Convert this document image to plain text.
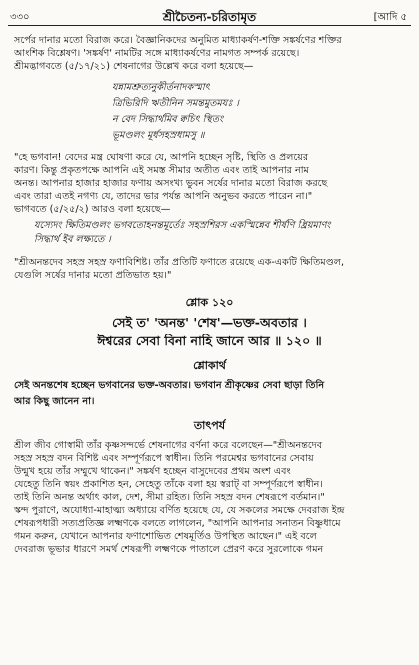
৩৩০	শ্রীচৈতন্য-চরিতামৃত	[আদি ৫
সর্পের দানার মতো বিরাজ করে। বৈজ্ঞানিকদের অনুমিত মাধ্যাকর্ষণ-শক্তি সঙ্কর্ষণের শক্তির
আংশিক বিশ্লেষণ। 'সঙ্কর্ষণ' নামটির সঙ্গে মাধ্যাকর্ষণের নামগত সম্পর্ক রয়েছে।
শ্রীমদ্ভাগবতে (৫/১৭/২১) শেষনাগের উল্লেখ করে বলা হয়েছে—
যন্নামশ্রুত্যনুকীর্তনাদকস্মাৎ
ত্রিভিরিদি ঋতীনিন সমন্তমুতমযঃ ।
ন বেদ সিদ্ধার্থমিব ক্বচিৎ স্থিতং
ভূমণ্ডলং মূর্ধসহস্রধামসু ॥
"হে ভগবান! বেদের মন্ত্র ঘোষণা করে যে, আপনি হচ্ছেন সৃষ্টি, স্থিতি ও প্রলয়ের
কারণ। কিন্তু প্রকৃতপক্ষে আপনি এই সমস্ত সীমার অতীত এবং তাই আপনার নাম
অনন্ত। আপনার হাজার হাজার ফণায় অসংখ্য ভুবন সর্ষের দানার মতো বিরাজ করছে
এবং তারা এতই নগণ্য যে, তাদের ভার পর্যন্ত আপনি অনুভব করতে পারেন না।"
ভাগবতে (৫/২৫/২) আরও বলা হয়েছে—
যস্যেদং ক্ষিতিমণ্ডলং ভগবতোহনন্তমূর্তেঃ সহস্রশিরস একস্মিন্নেব শীর্ষণি ধ্রিয়মাণং
সিদ্ধার্থ ইব লক্ষ্যতে ।
"শ্রীঅনন্তদেব সহস্র সহস্র ফণাবিশিষ্ট। তাঁর প্রতিটি ফণাতে রয়েছে এক-একটি ক্ষিতিমণ্ডল,
যেগুলি সর্ষের দানার মতো প্রতিভাত হয়।"
শ্লোক ১২০
সেই ত' 'অনন্ত' 'শেষ'—ভক্ত-অবতার ।
ঈশ্বরের সেবা বিনা নাহি জানে আর ॥ ১২০ ॥
শ্লোকার্থ
সেই অনন্তশেষ হচ্ছেন ভগবানের ভক্ত-অবতার। ভগবান শ্রীকৃষ্ণের সেবা ছাড়া তিনি
আর কিছু জানেন না।
তাৎপর্য
শ্রীল জীব গোস্বামী তাঁর কৃষ্ণসন্দর্ভে শেষনাগের বর্ণনা করে বলেছেন—"শ্রীঅনন্তদেব
সহস্র সহস্র বদন বিশিষ্ট এবং সম্পূর্ণরূপে স্বাধীন। তিনি পরমেশ্বর ভগবানের সেবায়
উন্মুখ হয়ে তাঁর সম্মুখে থাকেন।" সঙ্কর্ষণ হচ্ছেন বাসুদেবের প্রথম অংশ এবং
যেহেতু তিনি স্বয়ং প্রকাশিত হন, সেহেতু তাঁকে বলা হয় স্বরাট্ বা সম্পূর্ণরূপে স্বাধীন।
তাই তিনি অনন্ত অর্থাৎ কাল, দেশ, সীমা রহিত। তিনি সহস্র বদন শেষরূপে বর্তমান।"
স্কন্দ পুরাণে, অযোধ্যা-মাহাত্ম্য অধ্যায়ে বর্ণিত হয়েছে যে, যে সকলের সমক্ষে দেবরাজ ইন্দ্র
শেষরূপধারী সত্যপ্রতিজ্ঞ লক্ষ্মণকে বলতে লাগলেন, "আপনি আপনার সনাতন বিষ্ণুধামে
গমন করুন, যেখানে আপনার ফণাশোভিত শেষমূর্তিও উপস্থিত আছেন।" এই বলে
দেবরাজ ভূভার ধারণে সমর্থ শেষরূপী লক্ষ্মণকে পাতালে প্রেরণ করে সুরলোকে গমন
